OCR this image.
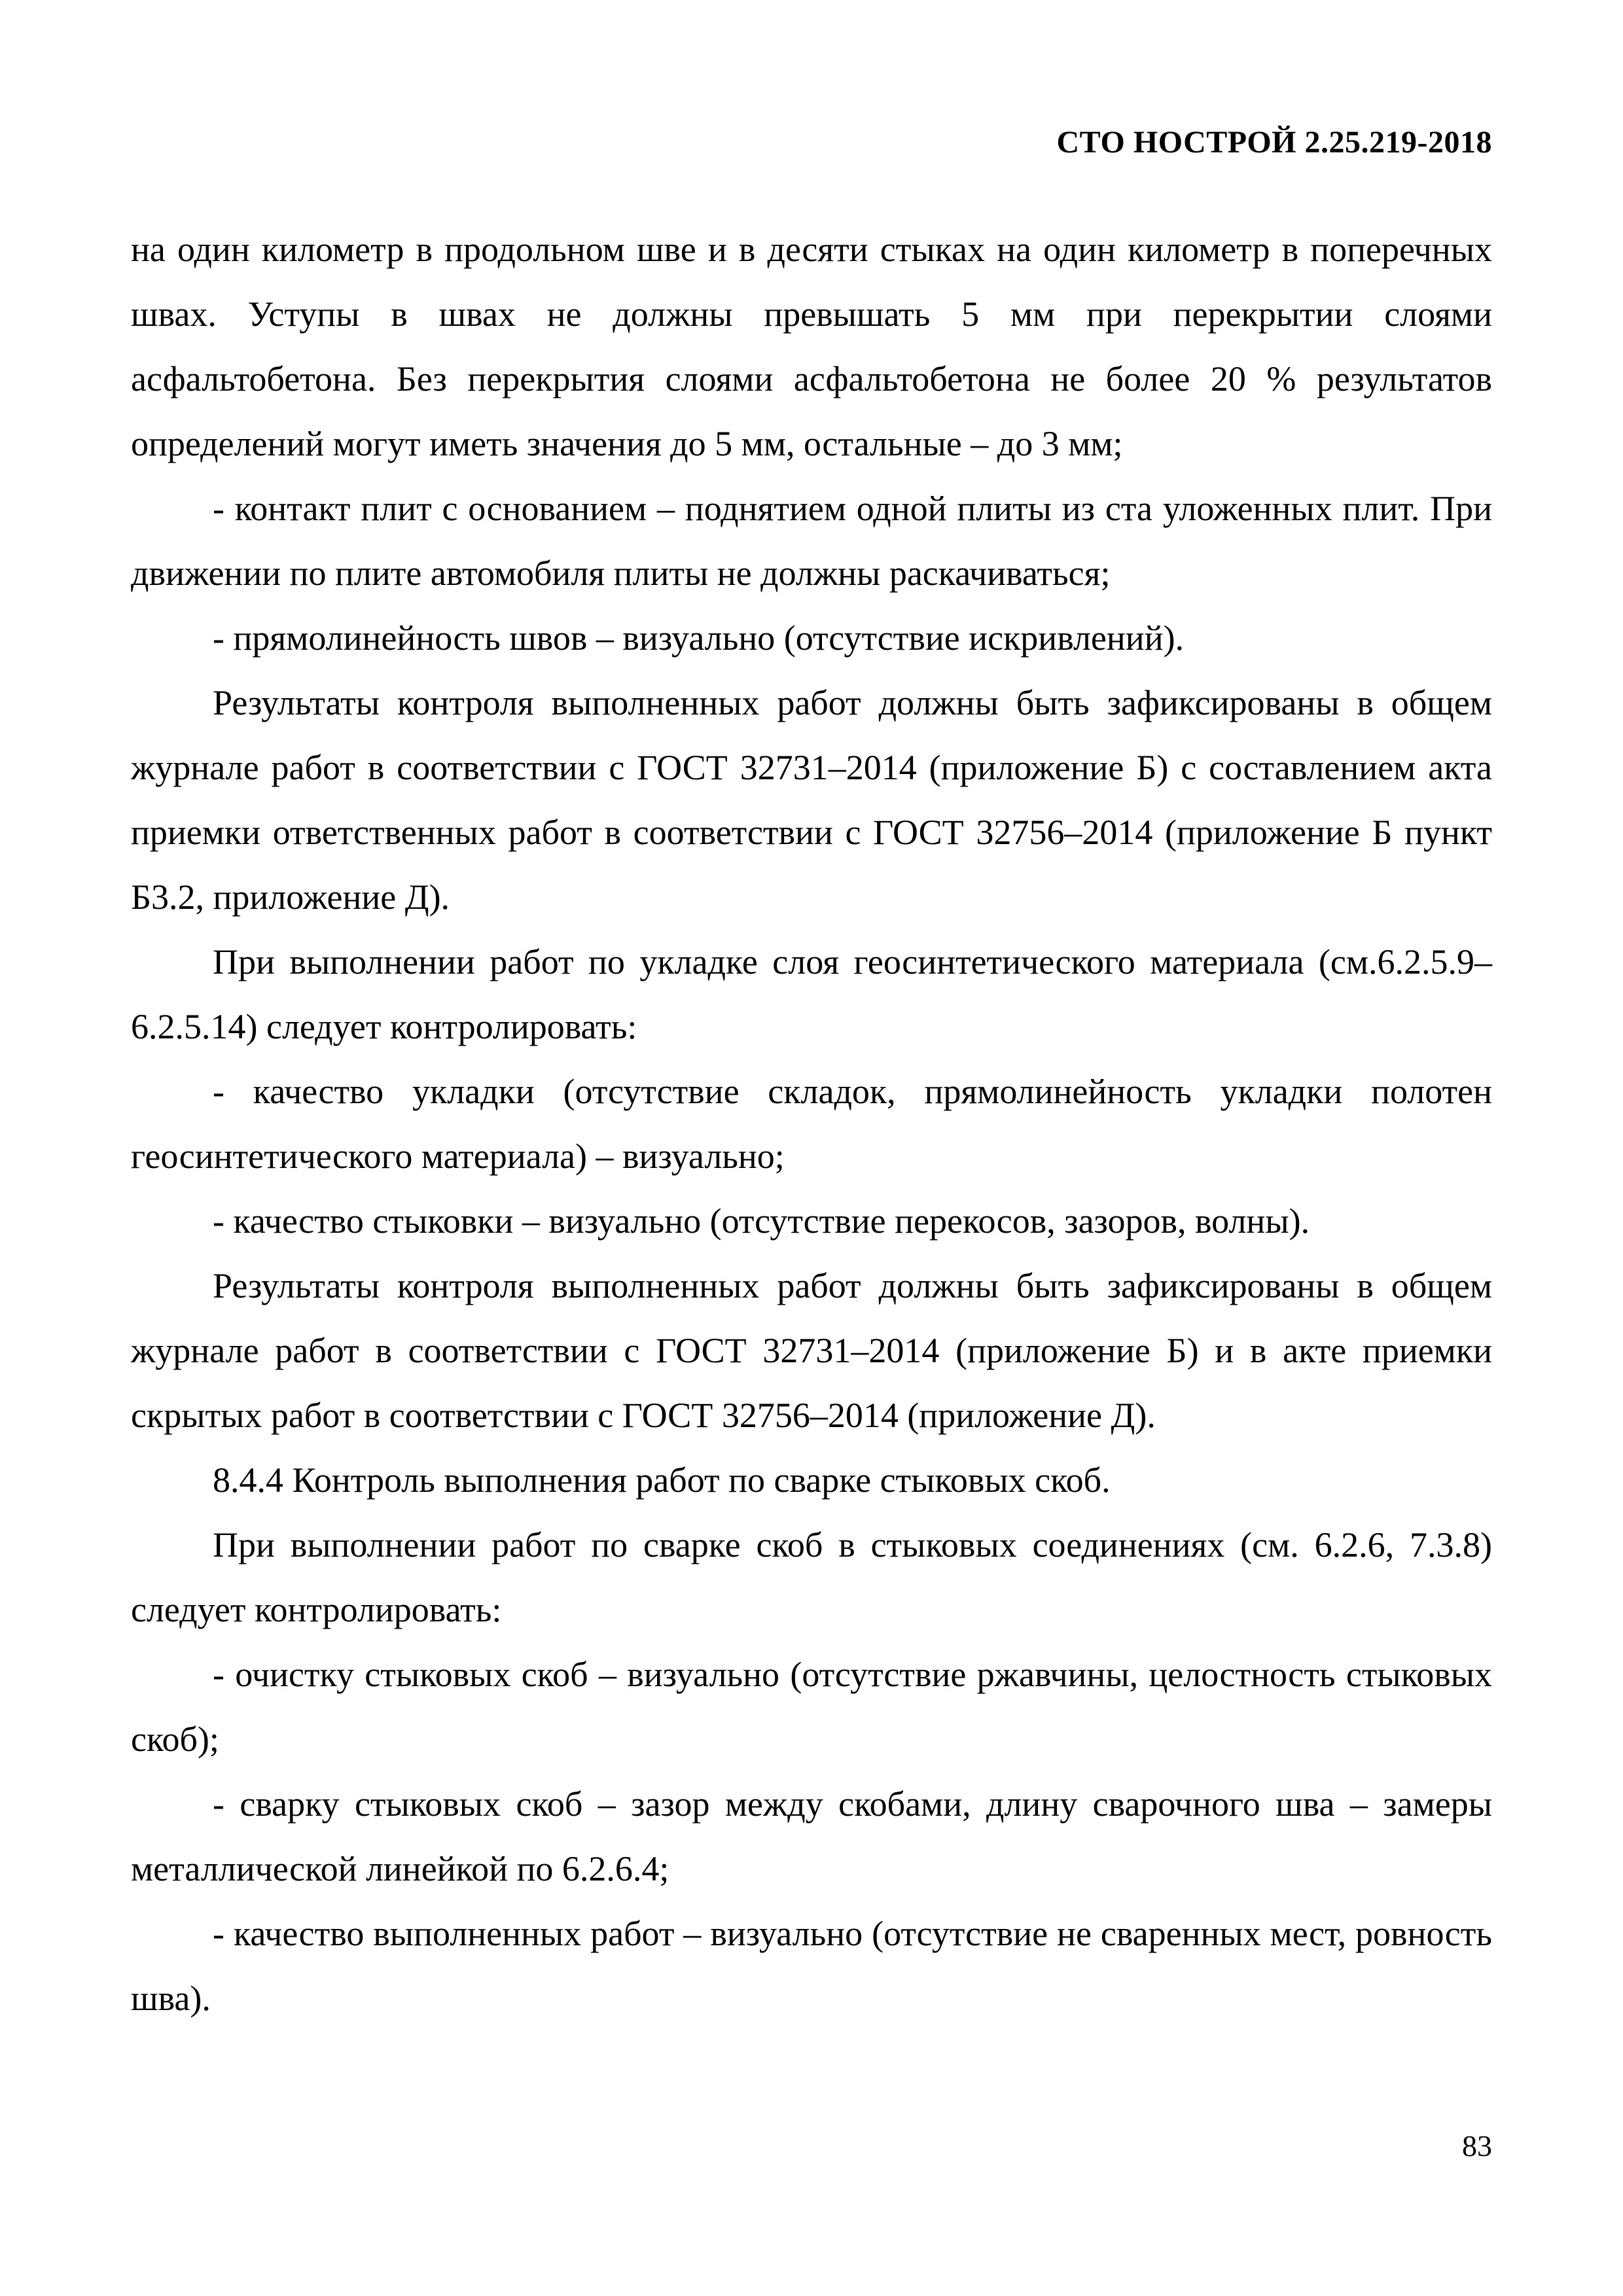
СТО НОСТРОЙ 2.25.219-2018

на один километр в продольном шве и в десяти стыках на один километр в поперечных швах. Уступы в швах не должны превышать 5 мм при перекрытии слоями асфальтобетона. Без перекрытия слоями асфальтобетона не более 20 % результатов определений могут иметь значения до 5 мм, остальные – до 3 мм;

- контакт плит с основанием – поднятием одной плиты из ста уложенных плит. При движении по плите автомобиля плиты не должны раскачиваться;

- прямолинейность швов – визуально (отсутствие искривлений).

Результаты контроля выполненных работ должны быть зафиксированы в общем журнале работ в соответствии с ГОСТ 32731–2014 (приложение Б) с составлением акта приемки ответственных работ в соответствии с ГОСТ 32756–2014 (приложение Б пункт Б3.2, приложение Д).

При выполнении работ по укладке слоя геосинтетического материала (см.6.2.5.9–6.2.5.14) следует контролировать:

- качество укладки (отсутствие складок, прямолинейность укладки полотен геосинтетического материала) – визуально;

- качество стыковки – визуально (отсутствие перекосов, зазоров, волны).

Результаты контроля выполненных работ должны быть зафиксированы в общем журнале работ в соответствии с ГОСТ 32731–2014 (приложение Б) и в акте приемки скрытых работ в соответствии с ГОСТ 32756–2014 (приложение Д).

8.4.4 Контроль выполнения работ по сварке стыковых скоб.

При выполнении работ по сварке скоб в стыковых соединениях (см. 6.2.6, 7.3.8) следует контролировать:

- очистку стыковых скоб – визуально (отсутствие ржавчины, целостность стыковых скоб);

- сварку стыковых скоб – зазор между скобами, длину сварочного шва – замеры металлической линейкой по 6.2.6.4;

- качество выполненных работ – визуально (отсутствие не сваренных мест, ровность шва).

83
